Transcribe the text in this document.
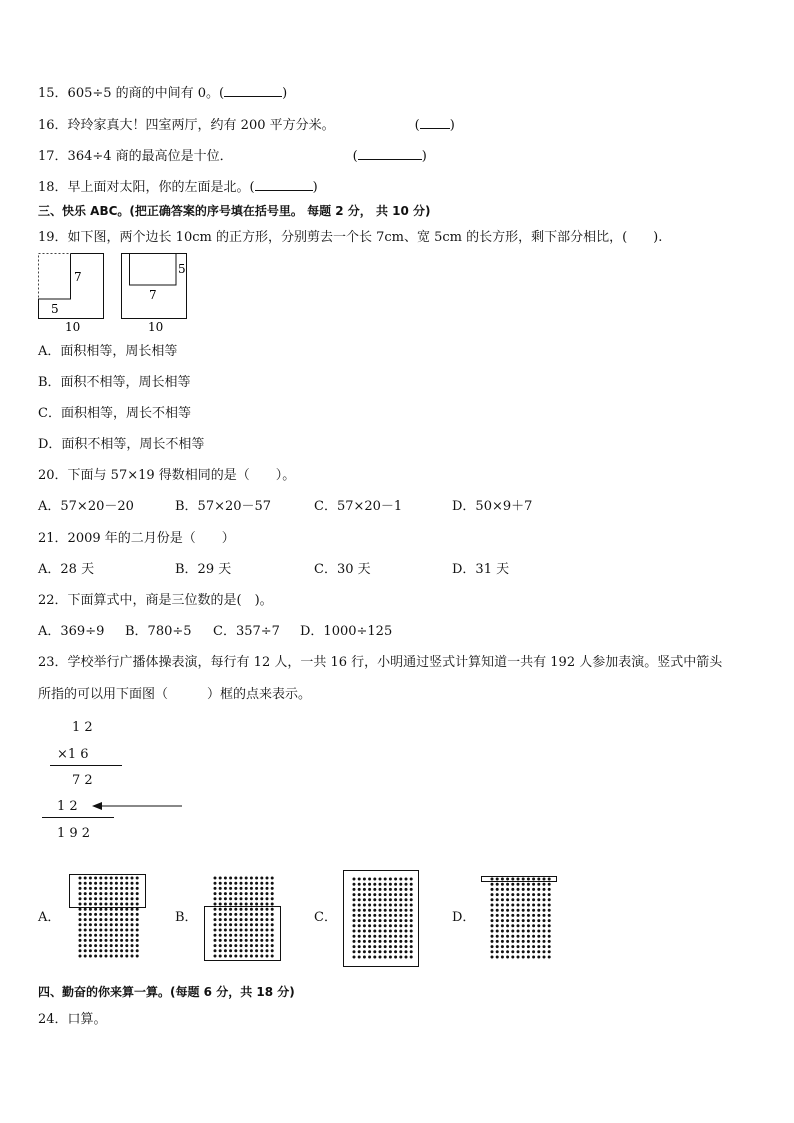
15．605÷5 的商的中间有 0。(	)
16．玲玲家真大！四室两厅，约有 200 平方分米。	( )
17．364÷4 商的最高位是十位．	(	)
18．早上面对太阳，你的左面是北。(	)
三、快乐 ABC。(把正确答案的序号填在括号里。 每题 2 分， 共 10 分)
19．如下图，两个边长 10cm 的正方形，分别剪去一个长 7cm、宽 5cm 的长方形，剩下部分相比，(　　).
7
5
10
5
7
10
A．面积相等，周长相等
B．面积不相等，周长相等
C．面积相等，周长不相等
D．面积不相等，周长不相等
20．下面与 57×19 得数相同的是（　　）。
A．57×20－20	B．57×20－57	C．57×20－1	D．50×9＋7
21．2009 年的二月份是（　　）
A．28 天	B．29 天	C．30 天	D．31 天
22．下面算式中，商是三位数的是(　)。
A．369÷9 B．780÷5 C．357÷7 D．1000÷125
23．学校举行广播体操表演，每行有 12 人，一共 16 行，小明通过竖式计算知道一共有 192 人参加表演。竖式中箭头
所指的可以用下面图（　　　）框的点来表示。
1 2
×1 6
7 2
1 2
1 9 2
A．	B．	C．	D．
四、勤奋的你来算一算。(每题 6 分，共 18 分)
24．口算。
